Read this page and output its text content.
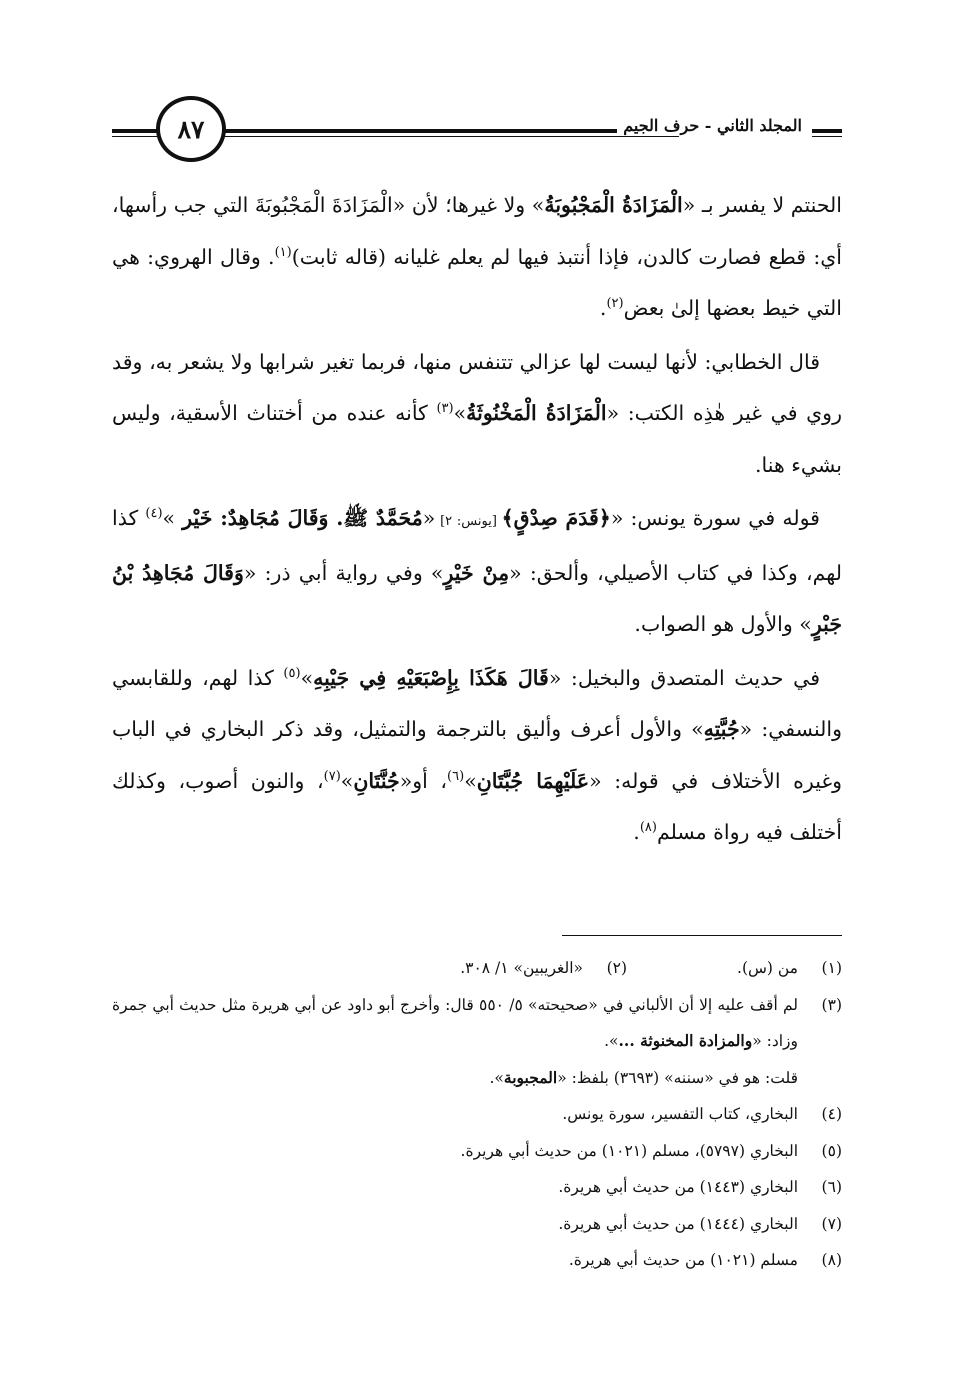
٨٧	المجلد الثاني - حرف الجيم

الحنتم لا يفسر بـ «الْمَزَادَةُ الْمَجْبُوبَةُ» ولا غيرها؛ لأن «الْمَزَادَةَ الْمَجْبُوبَةَ التي جب رأسها، أي: قطع فصارت كالدن، فإذا أنتبذ فيها لم يعلم غليانه (قاله ثابت)$^{(١)}$. وقال الهروي: هي التي خيط بعضها إلىٰ بعض$^{(٢)}$.

قال الخطابي: لأنها ليست لها عزالي تتنفس منها، فربما تغير شرابها ولا يشعر به، وقد روي في غير هٰذِه الكتب: «الْمَزَادَةُ الْمَخْنُوثَةُ»$^{(٣)}$ كأنه عنده من أختناث الأسقية، وليس بشيء هنا.

قوله في سورة يونس: «﴿قَدَمَ صِدْقٍ﴾ [يونس: ٢] «مُحَمَّدٌ ﷺ. وَقَالَ مُجَاهِدٌ: خَيْر »$^{(٤)}$ كذا لهم، وكذا في كتاب الأصيلي، وألحق: «مِنْ خَيْرٍ» وفي رواية أبي ذر: «وَقَالَ مُجَاهِدُ بْنُ جَبْرٍ» والأول هو الصواب.

في حديث المتصدق والبخيل: «قَالَ هَكَذَا بِإِصْبَعَيْهِ فِي جَيْبِهِ»$^{(٥)}$ كذا لهم، وللقابسي والنسفي: «جُبَّتِهِ» والأول أعرف وأليق بالترجمة والتمثيل، وقد ذكر البخاري في الباب وغيره الأختلاف في قوله: «عَلَيْهِمَا جُبَّتَانِ»$^{(٦)}$، أو«جُنَّتَانِ»$^{(٧)}$، والنون أصوب، وكذلك أختلف فيه رواة مسلم$^{(٨)}$.

(١)
من (س).
(٢)
«الغريبين» ١/ ٣٠٨.
(٣)
لم أقف عليه إلا أن الألباني في «صحيحته» ٥/ ٥٥٠ قال: وأخرج أبو داود عن أبي هريرة مثل حديث أبي جمرة وزاد: «والمزادة المخنوثة ...».
قلت: هو في «سننه» (٣٦٩٣) بلفظ: «المجبوبة».
(٤)
البخاري، كتاب التفسير، سورة يونس.
(٥)
البخاري (٥٧٩٧)، مسلم (١٠٢١) من حديث أبي هريرة.
(٦)
البخاري (١٤٤٣) من حديث أبي هريرة.
(٧)
البخاري (١٤٤٤) من حديث أبي هريرة.
(٨)
مسلم (١٠٢١) من حديث أبي هريرة.
